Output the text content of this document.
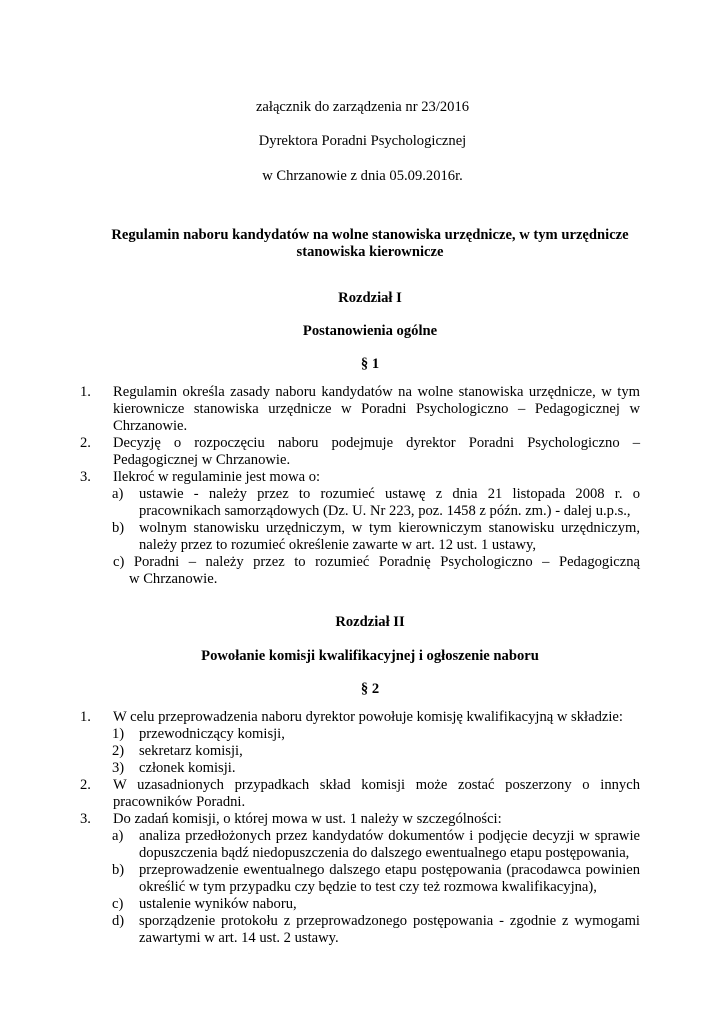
załącznik do zarządzenia nr 23/2016
Dyrektora Poradni Psychologicznej
w Chrzanowie z dnia 05.09.2016r.
Regulamin naboru kandydatów na wolne stanowiska urzędnicze, w tym urzędnicze
stanowiska kierownicze
Rozdział I
Postanowienia ogólne
§ 1
1. Regulamin określa zasady naboru kandydatów na wolne stanowiska urzędnicze, w tym
kierownicze stanowiska urzędnicze w Poradni Psychologiczno – Pedagogicznej w
Chrzanowie.
2. Decyzję o rozpoczęciu naboru podejmuje dyrektor Poradni Psychologiczno –
Pedagogicznej w Chrzanowie.
3. Ilekroć w regulaminie jest mowa o:
a) ustawie - należy przez to rozumieć ustawę z dnia 21 listopada 2008 r. o
pracownikach samorządowych (Dz. U. Nr 223, poz. 1458 z późn. zm.) - dalej u.p.s.,
b) wolnym stanowisku urzędniczym, w tym kierowniczym stanowisku urzędniczym,
należy przez to rozumieć określenie zawarte w art. 12 ust. 1 ustawy,
c) Poradni – należy przez to rozumieć Poradnię Psychologiczno – Pedagogiczną
w Chrzanowie.
Rozdział II
Powołanie komisji kwalifikacyjnej i ogłoszenie naboru
§ 2
1. W celu przeprowadzenia naboru dyrektor powołuje komisję kwalifikacyjną w składzie:
1) przewodniczący komisji,
2) sekretarz komisji,
3) członek komisji.
2. W uzasadnionych przypadkach skład komisji może zostać poszerzony o innych
pracowników Poradni.
3. Do zadań komisji, o której mowa w ust. 1 należy w szczególności:
a) analiza przedłożonych przez kandydatów dokumentów i podjęcie decyzji w sprawie
dopuszczenia bądź niedopuszczenia do dalszego ewentualnego etapu postępowania,
b) przeprowadzenie ewentualnego dalszego etapu postępowania (pracodawca powinien
określić w tym przypadku czy będzie to test czy też rozmowa kwalifikacyjna),
c) ustalenie wyników naboru,
d) sporządzenie protokołu z przeprowadzonego postępowania - zgodnie z wymogami
zawartymi w art. 14 ust. 2 ustawy.
